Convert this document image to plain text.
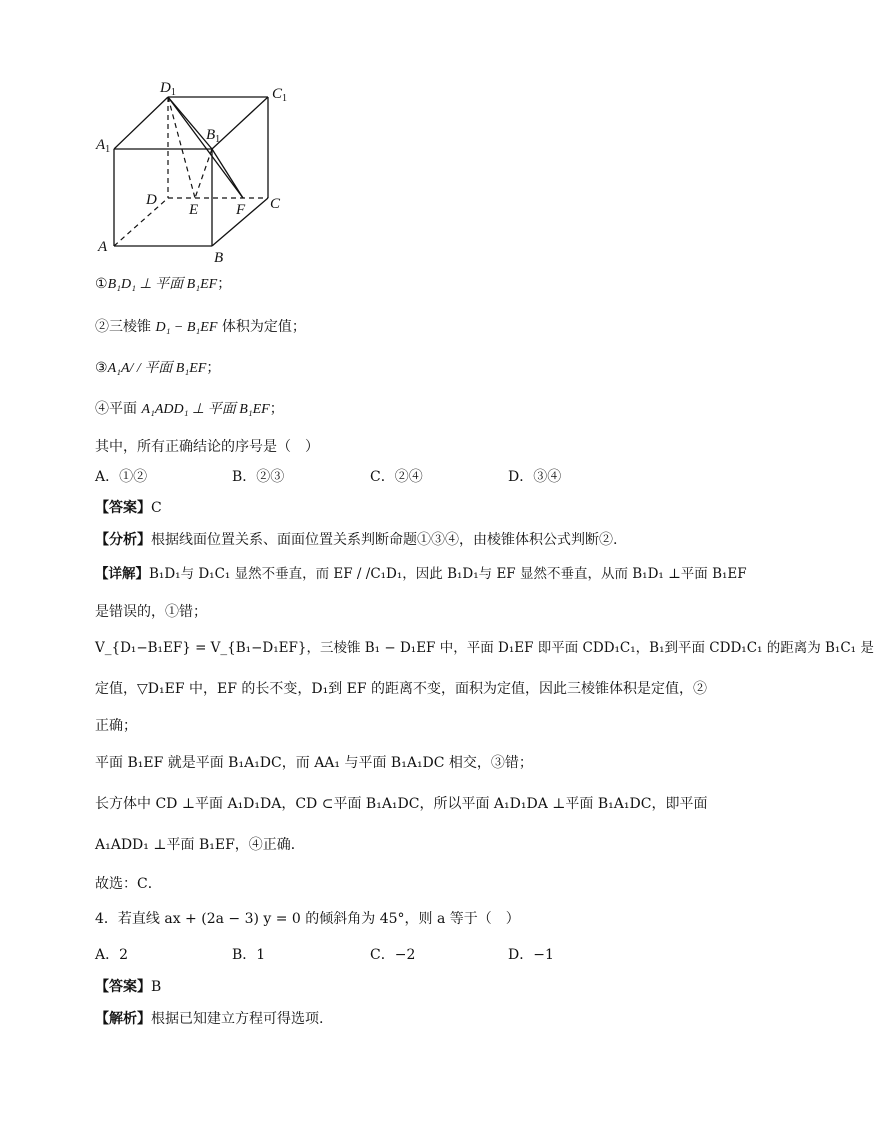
$D_1$	$C_1$
$A_1$
$B_1$
D
E	F C
A
B
①B₁D₁ ⊥ 平面 B₁EF；
②三棱锥 D₁ − B₁EF 体积为定值；
③A₁A/ / 平面 B₁EF；
④平面 A₁ADD₁ ⊥ 平面 B₁EF；
其中，所有正确结论的序号是（　）
A．①②	B．②③	C．②④	D．③④
【答案】C
【分析】根据线面位置关系、面面位置关系判断命题①③④，由棱锥体积公式判断②.
【详解】B₁D₁与 D₁C₁ 显然不垂直，而 EF / /C₁D₁，因此 B₁D₁与 EF 显然不垂直，从而 B₁D₁ ⊥平面 B₁EF
是错误的，①错；
V_{D₁−B₁EF} = V_{B₁−D₁EF}，三棱锥 B₁ − D₁EF 中，平面 D₁EF 即平面 CDD₁C₁，B₁到平面 CDD₁C₁ 的距离为 B₁C₁ 是
定值，▽D₁EF 中，EF 的长不变，D₁到 EF 的距离不变，面积为定值，因此三棱锥体积是定值，②
正确；
平面 B₁EF 就是平面 B₁A₁DC，而 AA₁ 与平面 B₁A₁DC 相交，③错；
长方体中 CD ⊥平面 A₁D₁DA，CD ⊂平面 B₁A₁DC，所以平面 A₁D₁DA ⊥平面 B₁A₁DC，即平面
A₁ADD₁ ⊥平面 B₁EF，④正确．
故选：C．
4．若直线 ax + (2a − 3) y = 0 的倾斜角为 45°，则 a 等于（　）
A．2	B．1	C．−2	D．−1
【答案】B
【解析】根据已知建立方程可得选项.
